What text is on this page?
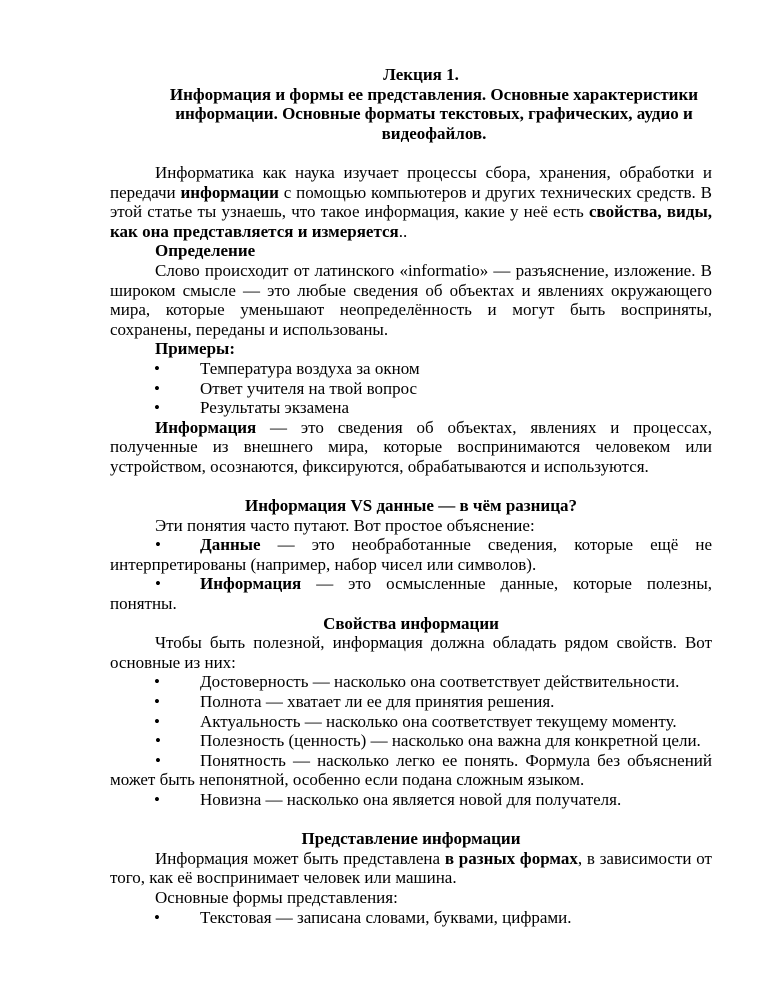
Лекция 1.
Информация и формы ее представления. Основные характеристики информации. Основные форматы текстовых, графических, аудио и видеофайлов.

Информатика как наука изучает процессы сбора, хранения, обработки и передачи информации с помощью компьютеров и других технических средств. В этой статье ты узнаешь, что такое информация, какие у неё есть свойства, виды, как она представляется и измеряется..

Определение

Слово происходит от латинского «informatio» — разъяснение, изложение. В широком смысле — это любые сведения об объектах и явлениях окружающего мира, которые уменьшают неопределённость и могут быть восприняты, сохранены, переданы и использованы.

Примеры:

• Температура воздуха за окном

• Ответ учителя на твой вопрос

• Результаты экзамена

Информация — это сведения об объектах, явлениях и процессах, полученные из внешнего мира, которые воспринимаются человеком или устройством, осознаются, фиксируются, обрабатываются и используются.

Информация VS данные — в чём разница?

Эти понятия часто путают. Вот простое объяснение:

• Данные — это необработанные сведения, которые ещё не интерпретированы (например, набор чисел или символов).

• Информация — это осмысленные данные, которые полезны, понятны.

Свойства информации

Чтобы быть полезной, информация должна обладать рядом свойств. Вот основные из них:

• Достоверность — насколько она соответствует действительности.

• Полнота — хватает ли ее для принятия решения.

• Актуальность — насколько она соответствует текущему моменту.

• Полезность (ценность) — насколько она важна для конкретной цели.

• Понятность — насколько легко ее понять. Формула без объяснений может быть непонятной, особенно если подана сложным языком.

• Новизна — насколько она является новой для получателя.

Представление информации

Информация может быть представлена в разных формах, в зависимости от того, как её воспринимает человек или машина.

Основные формы представления:

• Текстовая — записана словами, буквами, цифрами.
